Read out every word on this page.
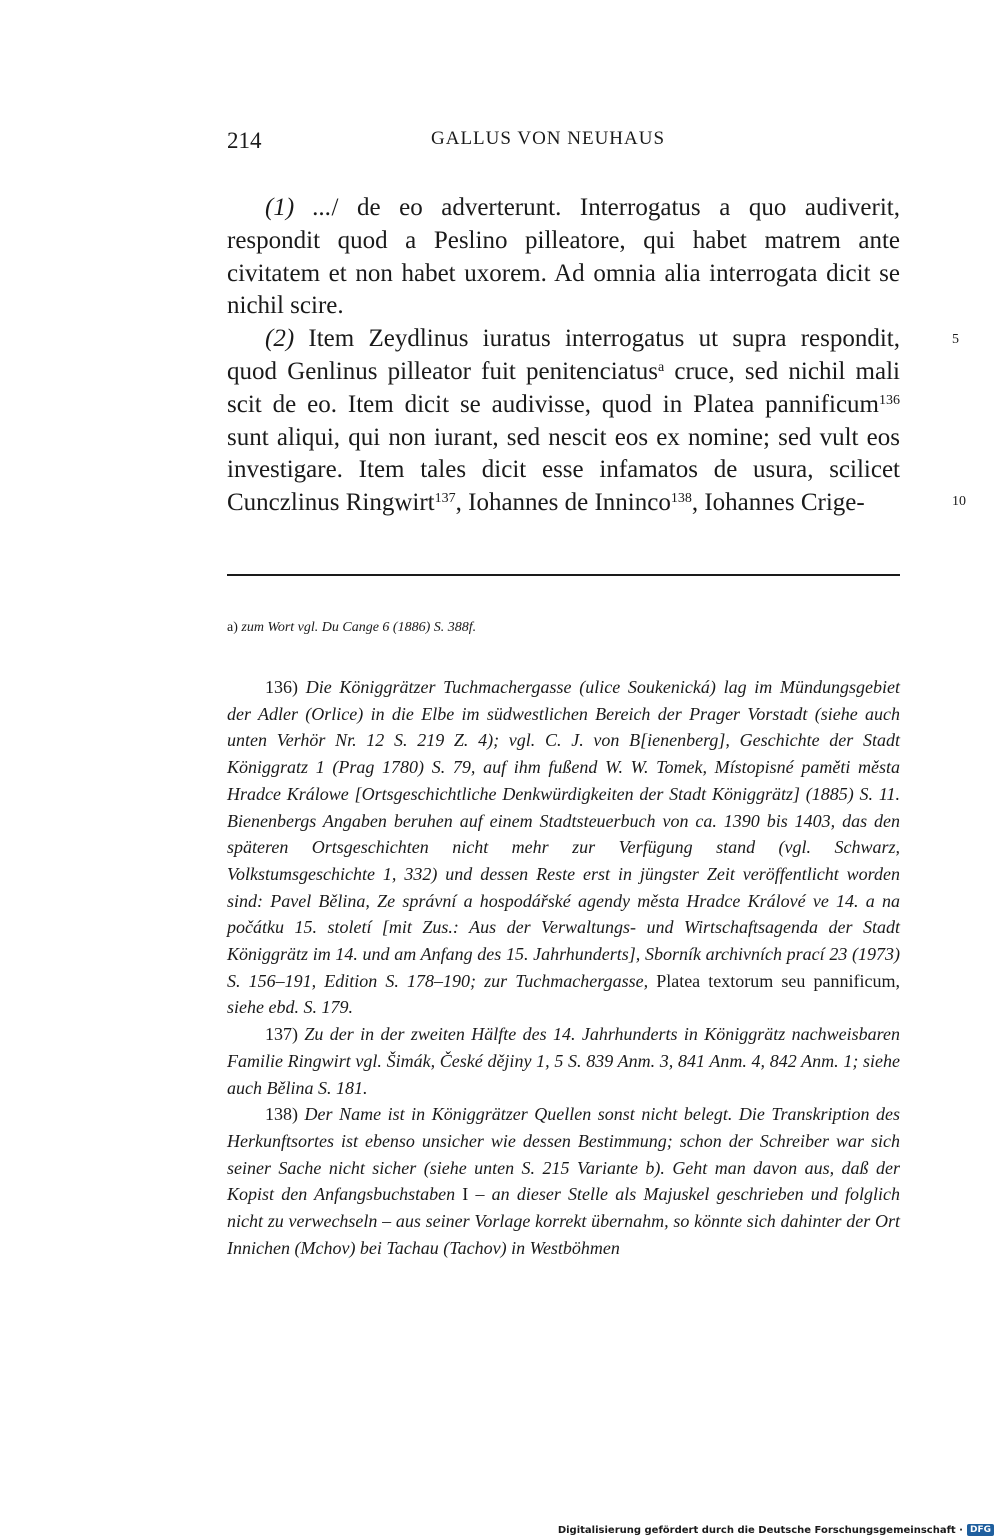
214	GALLUS VON NEUHAUS

(1) .../ de eo adverterunt. Interrogatus a quo audiverit, respondit quod a Peslino pilleatore, qui habet matrem ante civitatem et non habet uxorem. Ad omnia alia interrogata dicit se nichil scire.

(2) Item Zeydlinus iuratus interrogatus ut supra respondit, quod Genlinus pilleator fuit penitenciatus$^a$ cruce, sed nichil mali scit de eo. Item dicit se audivisse, quod in Platea pannificum$^{136}$ sunt aliqui, qui non iurant, sed nescit eos ex nomine; sed vult eos investigare. Item tales dicit esse infamatos de usura, scilicet Cunczlinus Ringwirt$^{137}$, Iohannes de Inninco$^{138}$, Iohannes Crige-

5
10
a) zum Wort vgl. Du Cange 6 (1886) S. 388f.

136) Die Königgrätzer Tuchmachergasse (ulice Soukenická) lag im Mündungsgebiet der Adler (Orlice) in die Elbe im südwestlichen Bereich der Prager Vorstadt (siehe auch unten Verhör Nr. 12 S. 219 Z. 4); vgl. C. J. von B[ienenberg], Geschichte der Stadt Königgratz 1 (Prag 1780) S. 79, auf ihm fußend W. W. Tomek, Místopisné paměti města Hradce Králowe [Ortsgeschichtliche Denkwürdigkeiten der Stadt Königgrätz] (1885) S. 11. Bienenbergs Angaben beruhen auf einem Stadtsteuerbuch von ca. 1390 bis 1403, das den späteren Ortsgeschichten nicht mehr zur Verfügung stand (vgl. Schwarz, Volkstumsgeschichte 1, 332) und dessen Reste erst in jüngster Zeit veröffentlicht worden sind: Pavel Bělina, Ze správní a hospodářské agendy města Hradce Králové ve 14. a na počátku 15. století [mit Zus.: Aus der Verwaltungs- und Wirtschaftsagenda der Stadt Königgrätz im 14. und am Anfang des 15. Jahrhunderts], Sborník archivních prací 23 (1973) S. 156–191, Edition S. 178–190; zur Tuchmachergasse, Platea textorum seu pannificum, siehe ebd. S. 179.

137) Zu der in der zweiten Hälfte des 14. Jahrhunderts in Königgrätz nachweisbaren Familie Ringwirt vgl. Šimák, České dějiny 1, 5 S. 839 Anm. 3, 841 Anm. 4, 842 Anm. 1; siehe auch Bělina S. 181.

138) Der Name ist in Königgrätzer Quellen sonst nicht belegt. Die Transkription des Herkunftsortes ist ebenso unsicher wie dessen Bestimmung; schon der Schreiber war sich seiner Sache nicht sicher (siehe unten S. 215 Variante b). Geht man davon aus, daß der Kopist den Anfangsbuchstaben I – an dieser Stelle als Majuskel geschrieben und folglich nicht zu verwechseln – aus seiner Vorlage korrekt übernahm, so könnte sich dahinter der Ort Innichen (Mchov) bei Tachau (Tachov) in Westböhmen

Digitalisierung gefördert durch die Deutsche Forschungsgemeinschaft · DFG
